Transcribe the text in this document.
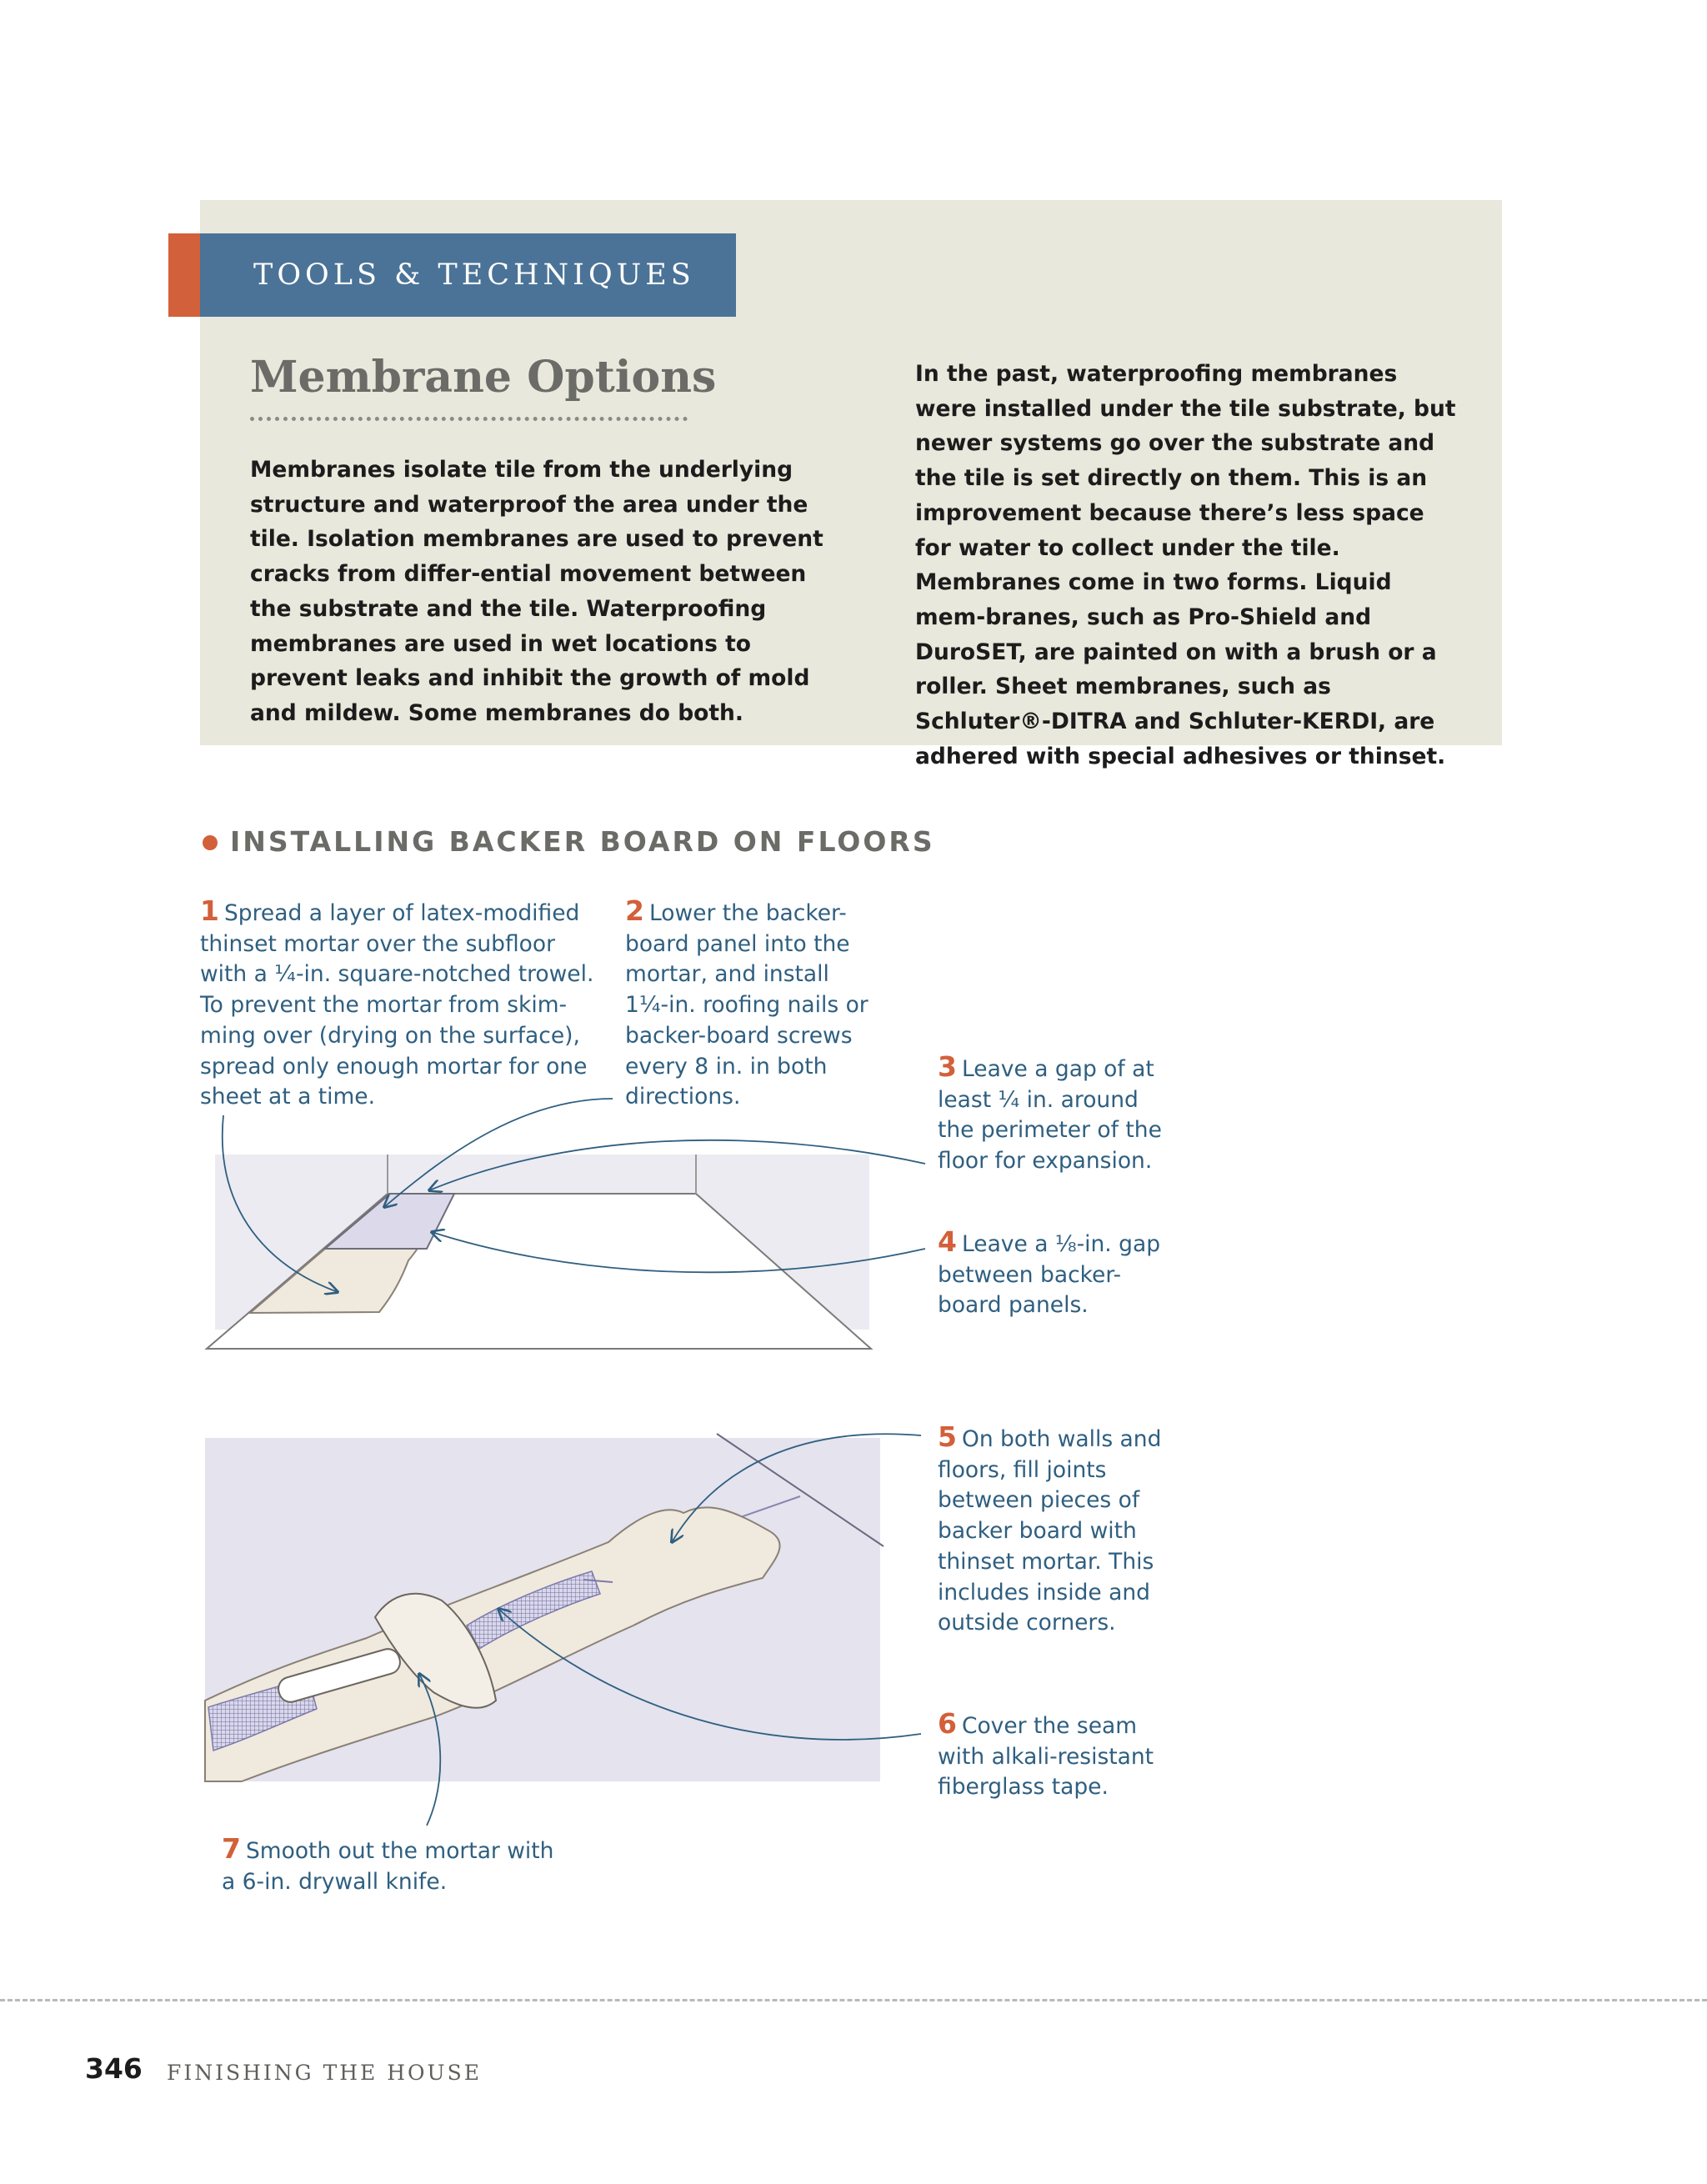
TOOLS & TECHNIQUES
Membrane Options

Membranes isolate tile from the underlying structure and waterproof the area under the tile. Isolation membranes are used to prevent cracks from differ-ential movement between the substrate and the tile. Waterproofing membranes are used in wet locations to prevent leaks and inhibit the growth of mold and mildew. Some membranes do both.

In the past, waterproofing membranes were installed under the tile substrate, but newer systems go over the substrate and the tile is set directly on them. This is an improvement because there’s less space for water to collect under the tile.
Membranes come in two forms. Liquid mem-branes, such as Pro-Shield and DuroSET, are painted on with a brush or a roller. Sheet membranes, such as Schluter®-DITRA and Schluter-KERDI, are adhered with special adhesives or thinset.
INSTALLING BACKER BOARD ON FLOORS

1 Spread a layer of latex-modified thinset mortar over the subfloor with a ¼-in. square-notched trowel. To prevent the mortar from skim-ming over (drying on the surface), spread only enough mortar for one sheet at a time.

2 Lower the backer-board panel into the mortar, and install 1¼-in. roofing nails or backer-board screws every 8 in. in both directions.

3 Leave a gap of at least ¼ in. around the perimeter of the floor for expansion.

4 Leave a ⅛-in. gap between backer-board panels.

5 On both walls and floors, fill joints between pieces of backer board with thinset mortar. This includes inside and outside corners.

6 Cover the seam with alkali-resistant fiberglass tape.

7 Smooth out the mortar with a 6-in. drywall knife.

346 FINISHING THE HOUSE
